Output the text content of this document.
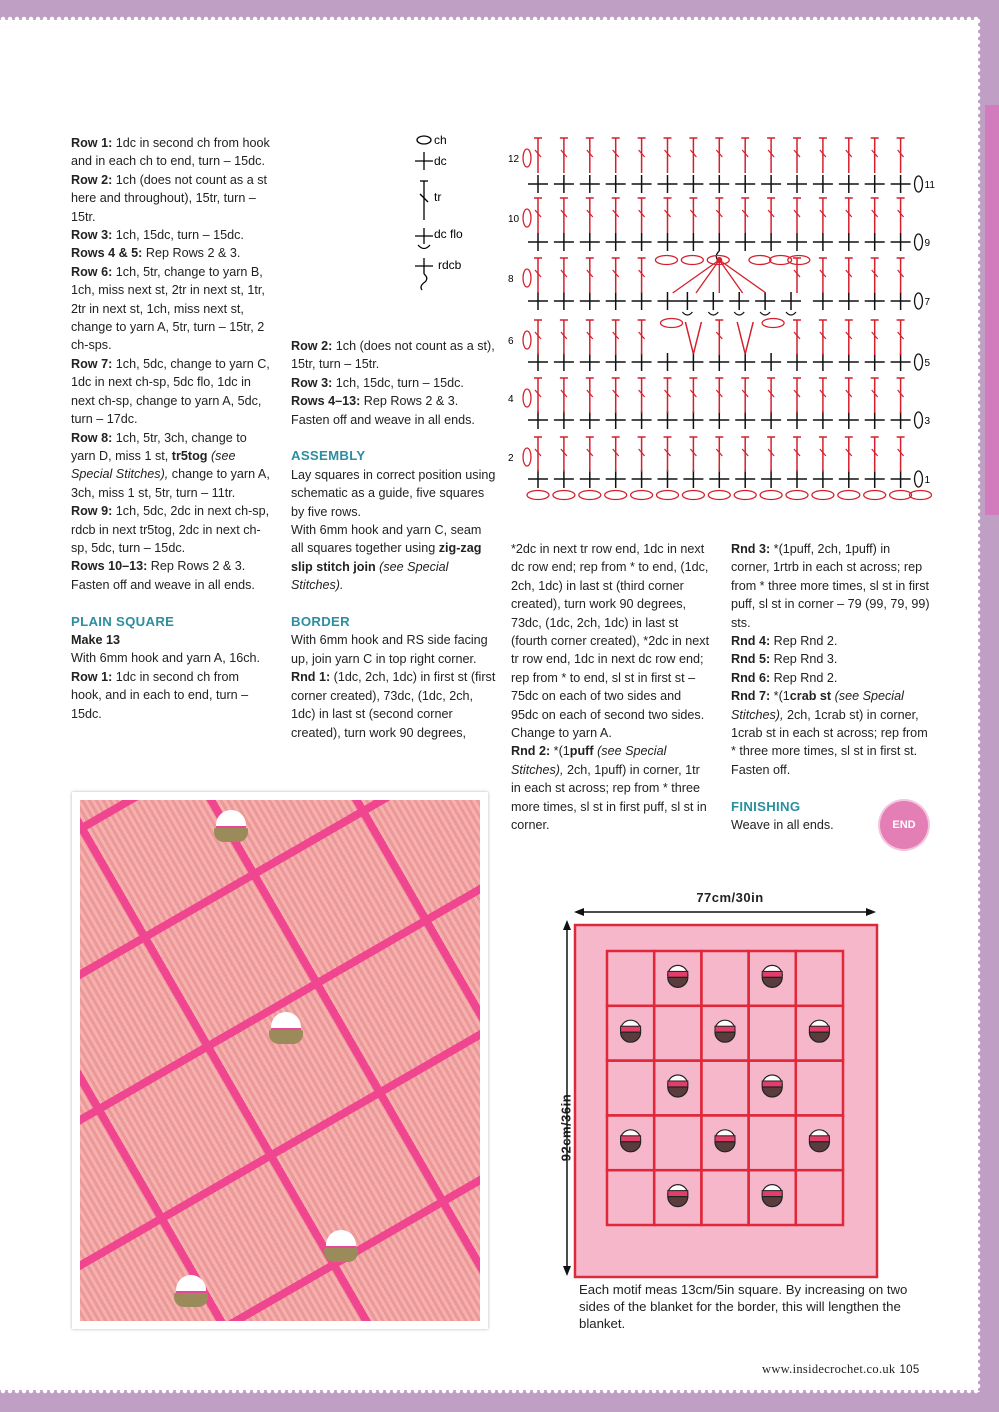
Row 1: 1dc in second ch from hook and in each ch to end, turn – 15dc.

Row 2: 1ch (does not count as a st here and throughout), 15tr, turn – 15tr.

Row 3: 1ch, 15dc, turn – 15dc.

Rows 4 & 5: Rep Rows 2 & 3.

Row 6: 1ch, 5tr, change to yarn B, 1ch, miss next st, 2tr in next st, 1tr, 2tr in next st, 1ch, miss next st, change to yarn A, 5tr, turn – 15tr, 2 ch-sps.

Row 7: 1ch, 5dc, change to yarn C, 1dc in next ch-sp, 5dc flo, 1dc in next ch-sp, change to yarn A, 5dc, turn – 17dc.

Row 8: 1ch, 5tr, 3ch, change to yarn D, miss 1 st, tr5tog (see Special Stitches), change to yarn A, 3ch, miss 1 st, 5tr, turn – 11tr.

Row 9: 1ch, 5dc, 2dc in next ch-sp, rdcb in next tr5tog, 2dc in next ch-sp, 5dc, turn – 15dc.

Rows 10–13: Rep Rows 2 & 3.

Fasten off and weave in all ends.

PLAIN SQUARE

Make 13

With 6mm hook and yarn A, 16ch.

Row 1: 1dc in second ch from hook, and in each to end, turn – 15dc.

Row 2: 1ch (does not count as a st), 15tr, turn – 15tr.

Row 3: 1ch, 15dc, turn – 15dc.

Rows 4–13: Rep Rows 2 & 3.

Fasten off and weave in all ends.

ASSEMBLY

Lay squares in correct position using schematic as a guide, five squares by five rows.

With 6mm hook and yarn C, seam all squares together using zig-zag slip stitch join (see Special Stitches).

BORDER

With 6mm hook and RS side facing up, join yarn C in top right corner.

Rnd 1: (1dc, 2ch, 1dc) in first st (first corner created), 73dc, (1dc, 2ch, 1dc) in last st (second corner created), turn work 90 degrees,

*2dc in next tr row end, 1dc in next dc row end; rep from * to end, (1dc, 2ch, 1dc) in last st (third corner created), turn work 90 degrees, 73dc, (1dc, 2ch, 1dc) in last st (fourth corner created), *2dc in next tr row end, 1dc in next dc row end; rep from * to end, sl st in first st – 75dc on each of two sides and 95dc on each of second two sides.

Change to yarn A.

Rnd 2: *(1puff (see Special Stitches), 2ch, 1puff) in corner, 1tr in each st across; rep from * three more times, sl st in first puff, sl st in corner.

Rnd 3: *(1puff, 2ch, 1puff) in corner, 1rtrb in each st across; rep from * three more times, sl st in first puff, sl st in corner – 79 (99, 79, 99) sts.

Rnd 4: Rep Rnd 2.

Rnd 5: Rep Rnd 3.

Rnd 6: Rep Rnd 2.

Rnd 7: *(1crab st (see Special Stitches), 2ch, 1crab st) in corner, 1crab st in each st across; rep from * three more times, sl st in first st.

Fasten off.

FINISHING

Weave in all ends.

ch
dc
tr
dc flo
rdcb
11
12
9
10
7
8
5
6
3
4
1
2
END
77cm/30in
92cm/36in
Each motif meas 13cm/5in square. By increasing on two sides of the blanket for the border, this will lengthen the blanket.
www.insidecrochet.co.uk 105
